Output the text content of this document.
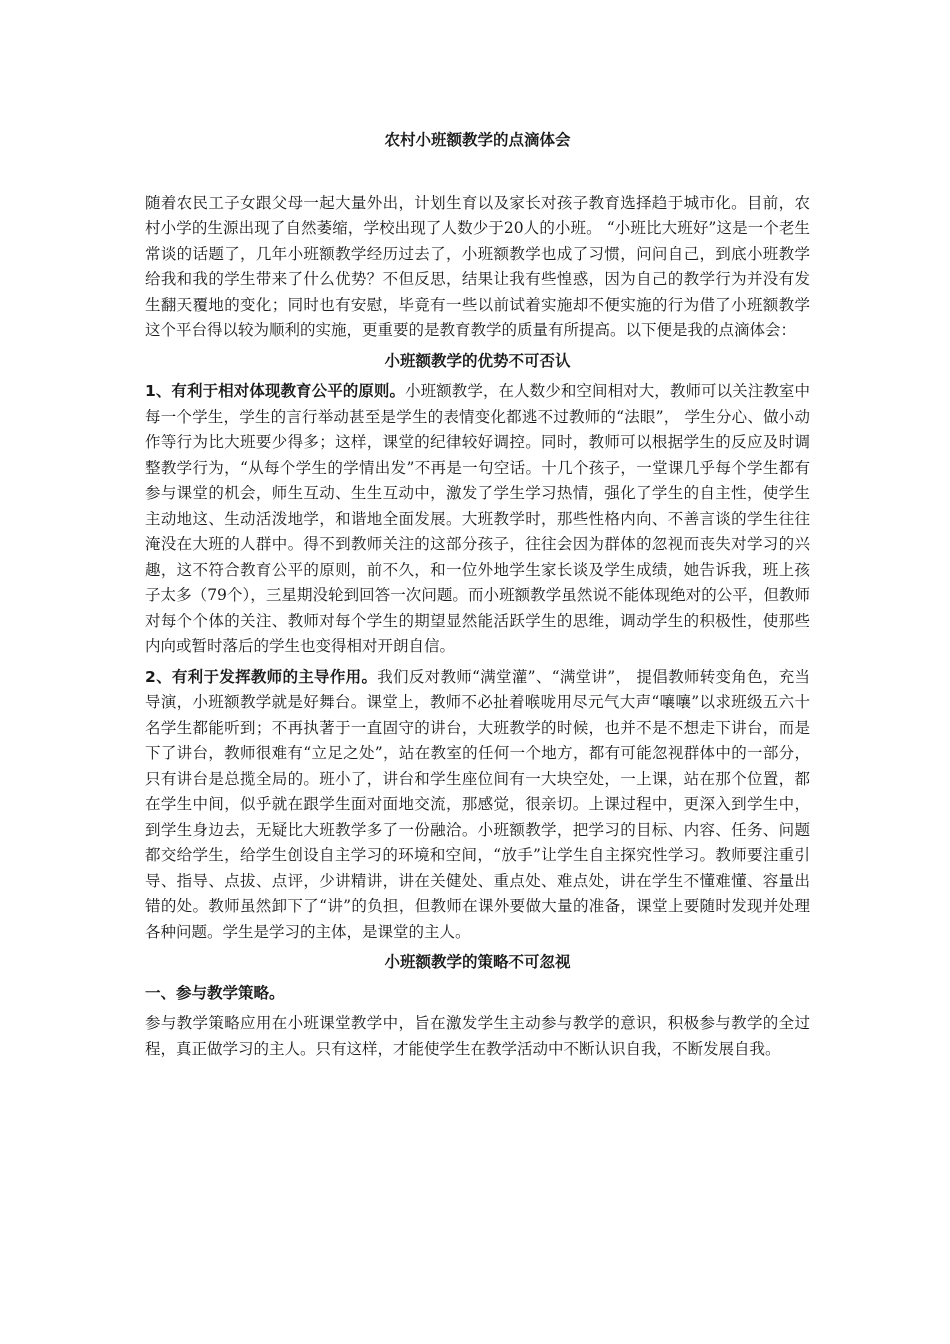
农村小班额教学的点滴体会

随着农民工子女跟父母一起大量外出，计划生育以及家长对孩子教育选择趋于城市化。目前，农村小学的生源出现了自然萎缩，学校出现了人数少于20人的小班。 “小班比大班好”这是一个老生常谈的话题了，几年小班额教学经历过去了，小班额教学也成了习惯，问问自己，到底小班教学给我和我的学生带来了什么优势？不但反思，结果让我有些惶惑，因为自己的教学行为并没有发生翻天覆地的变化；同时也有安慰，毕竟有一些以前试着实施却不便实施的行为借了小班额教学这个平台得以较为顺利的实施，更重要的是教育教学的质量有所提高。以下便是我的点滴体会：

小班额教学的优势不可否认

1、有利于相对体现教育公平的原则。小班额教学，在人数少和空间相对大，教师可以关注教室中每一个学生，学生的言行举动甚至是学生的表情变化都逃不过教师的“法眼”， 学生分心、做小动作等行为比大班要少得多；这样，课堂的纪律较好调控。同时，教师可以根据学生的反应及时调整教学行为，“从每个学生的学情出发”不再是一句空话。十几个孩子，一堂课几乎每个学生都有参与课堂的机会，师生互动、生生互动中，激发了学生学习热情，强化了学生的自主性，使学生主动地这、生动活泼地学，和谐地全面发展。大班教学时，那些性格内向、不善言谈的学生往往淹没在大班的人群中。得不到教师关注的这部分孩子，往往会因为群体的忽视而丧失对学习的兴趣，这不符合教育公平的原则，前不久，和一位外地学生家长谈及学生成绩，她告诉我，班上孩子太多（79个），三星期没轮到回答一次问题。而小班额教学虽然说不能体现绝对的公平，但教师对每个个体的关注、教师对每个学生的期望显然能活跃学生的思维，调动学生的积极性，使那些内向或暂时落后的学生也变得相对开朗自信。

2、有利于发挥教师的主导作用。我们反对教师“满堂灌”、“满堂讲”， 提倡教师转变角色，充当导演，小班额教学就是好舞台。课堂上，教师不必扯着喉咙用尽元气大声“嚷嚷”以求班级五六十名学生都能听到；不再执著于一直固守的讲台，大班教学的时候，也并不是不想走下讲台，而是下了讲台，教师很难有“立足之处”，站在教室的任何一个地方，都有可能忽视群体中的一部分，只有讲台是总揽全局的。班小了，讲台和学生座位间有一大块空处，一上课，站在那个位置，都在学生中间，似乎就在跟学生面对面地交流，那感觉，很亲切。上课过程中，更深入到学生中，到学生身边去，无疑比大班教学多了一份融洽。小班额教学，把学习的目标、内容、任务、问题都交给学生，给学生创设自主学习的环境和空间，“放手”让学生自主探究性学习。教师要注重引导、指导、点拔、点评，少讲精讲，讲在关健处、重点处、难点处，讲在学生不懂难懂、容量出错的处。教师虽然卸下了“讲”的负担，但教师在课外要做大量的准备，课堂上要随时发现并处理各种问题。学生是学习的主体，是课堂的主人。

小班额教学的策略不可忽视
一、参与教学策略。

参与教学策略应用在小班课堂教学中，旨在激发学生主动参与教学的意识，积极参与教学的全过程，真正做学习的主人。只有这样，才能使学生在教学活动中不断认识自我，不断发展自我。
